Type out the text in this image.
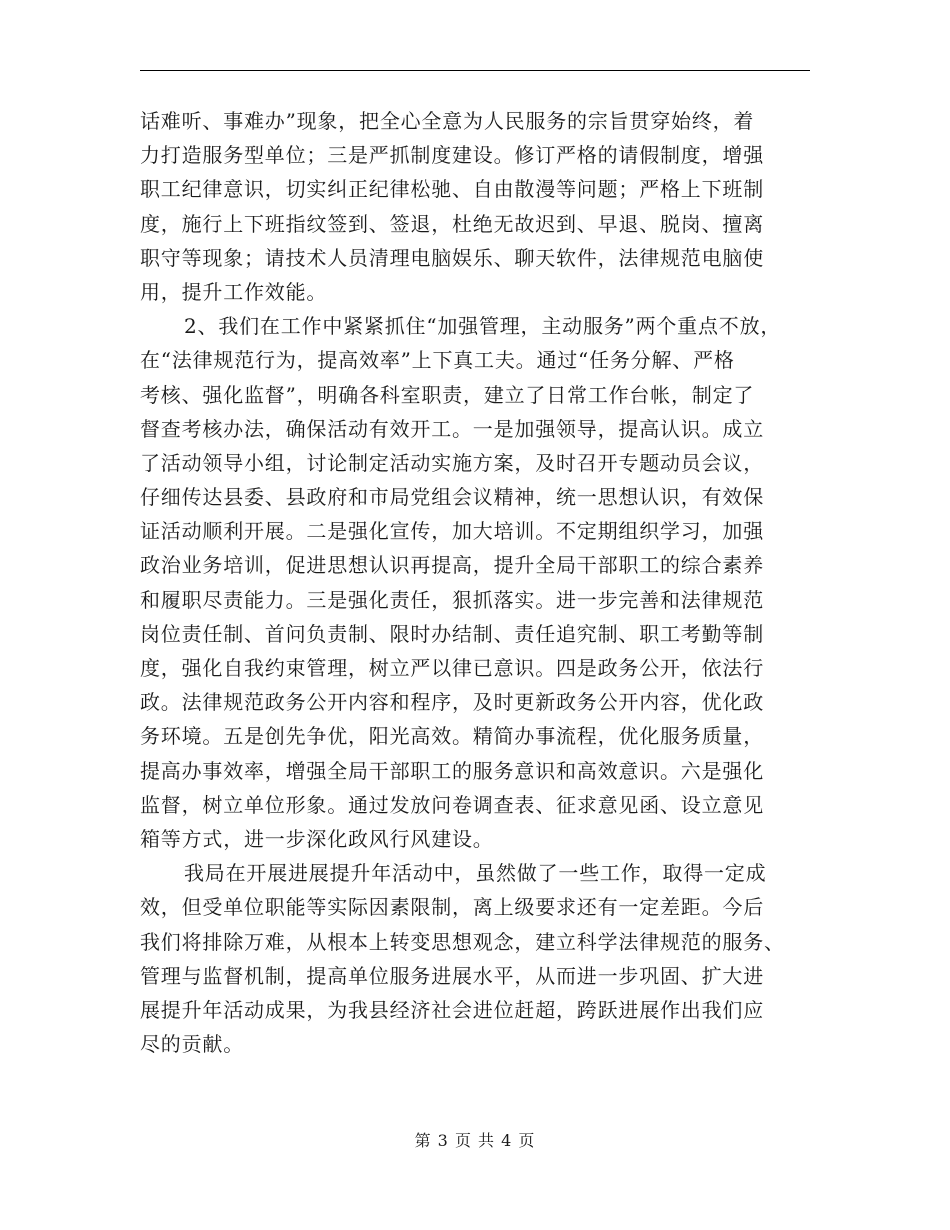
话难听、事难办”现象，把全心全意为人民服务的宗旨贯穿始终，着
力打造服务型单位；三是严抓制度建设。修订严格的请假制度，增强
职工纪律意识，切实纠正纪律松驰、自由散漫等问题；严格上下班制
度，施行上下班指纹签到、签退，杜绝无故迟到、早退、脱岗、擅离
职守等现象；请技术人员清理电脑娱乐、聊天软件，法律规范电脑使
用，提升工作效能。
2、我们在工作中紧紧抓住“加强管理，主动服务”两个重点不放，
在“法律规范行为，提高效率”上下真工夫。通过“任务分解、严格
考核、强化监督”，明确各科室职责，建立了日常工作台帐，制定了
督查考核办法，确保活动有效开工。一是加强领导，提高认识。成立
了活动领导小组，讨论制定活动实施方案，及时召开专题动员会议，
仔细传达县委、县政府和市局党组会议精神，统一思想认识，有效保
证活动顺利开展。二是强化宣传，加大培训。不定期组织学习，加强
政治业务培训，促进思想认识再提高，提升全局干部职工的综合素养
和履职尽责能力。三是强化责任，狠抓落实。进一步完善和法律规范
岗位责任制、首问负责制、限时办结制、责任追究制、职工考勤等制
度，强化自我约束管理，树立严以律已意识。四是政务公开，依法行
政。法律规范政务公开内容和程序，及时更新政务公开内容，优化政
务环境。五是创先争优，阳光高效。精简办事流程，优化服务质量，
提高办事效率，增强全局干部职工的服务意识和高效意识。六是强化
监督，树立单位形象。通过发放问卷调查表、征求意见函、设立意见
箱等方式，进一步深化政风行风建设。
我局在开展进展提升年活动中，虽然做了一些工作，取得一定成
效，但受单位职能等实际因素限制，离上级要求还有一定差距。今后
我们将排除万难，从根本上转变思想观念，建立科学法律规范的服务、
管理与监督机制，提高单位服务进展水平，从而进一步巩固、扩大进
展提升年活动成果，为我县经济社会进位赶超，跨跃进展作出我们应
尽的贡献。
第 3 页 共 4 页
